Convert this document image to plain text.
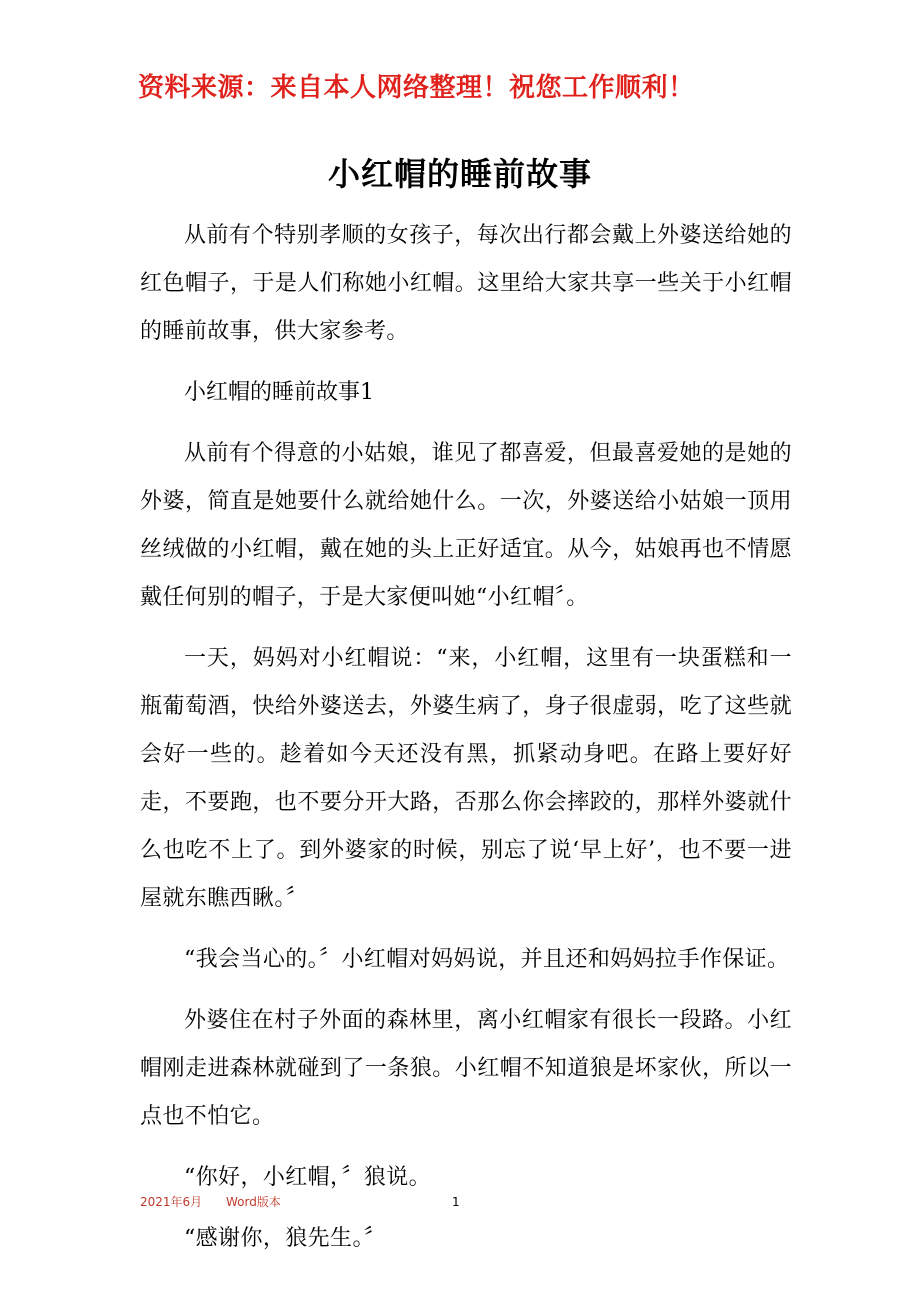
资料来源：来自本人网络整理！祝您工作顺利！
小红帽的睡前故事

从前有个特别孝顺的女孩子，每次出行都会戴上外婆送给她的红色帽子，于是人们称她小红帽。这里给大家共享一些关于小红帽的睡前故事，供大家参考。

小红帽的睡前故事1

从前有个得意的小姑娘，谁见了都喜爱，但最喜爱她的是她的外婆，简直是她要什么就给她什么。一次，外婆送给小姑娘一顶用丝绒做的小红帽，戴在她的头上正好适宜。从今，姑娘再也不情愿戴任何别的帽子，于是大家便叫她“小红帽〞。

一天，妈妈对小红帽说：“来，小红帽，这里有一块蛋糕和一瓶葡萄酒，快给外婆送去，外婆生病了，身子很虚弱，吃了这些就会好一些的。趁着如今天还没有黑，抓紧动身吧。在路上要好好走，不要跑，也不要分开大路，否那么你会摔跤的，那样外婆就什么也吃不上了。到外婆家的时候，别忘了说‘早上好’，也不要一进屋就东瞧西瞅。〞

“我会当心的。〞小红帽对妈妈说，并且还和妈妈拉手作保证。

外婆住在村子外面的森林里，离小红帽家有很长一段路。小红帽刚走进森林就碰到了一条狼。小红帽不知道狼是坏家伙，所以一点也不怕它。

“你好，小红帽，〞狼说。

“感谢你，狼先生。〞

2021年6月 Word版本	1
